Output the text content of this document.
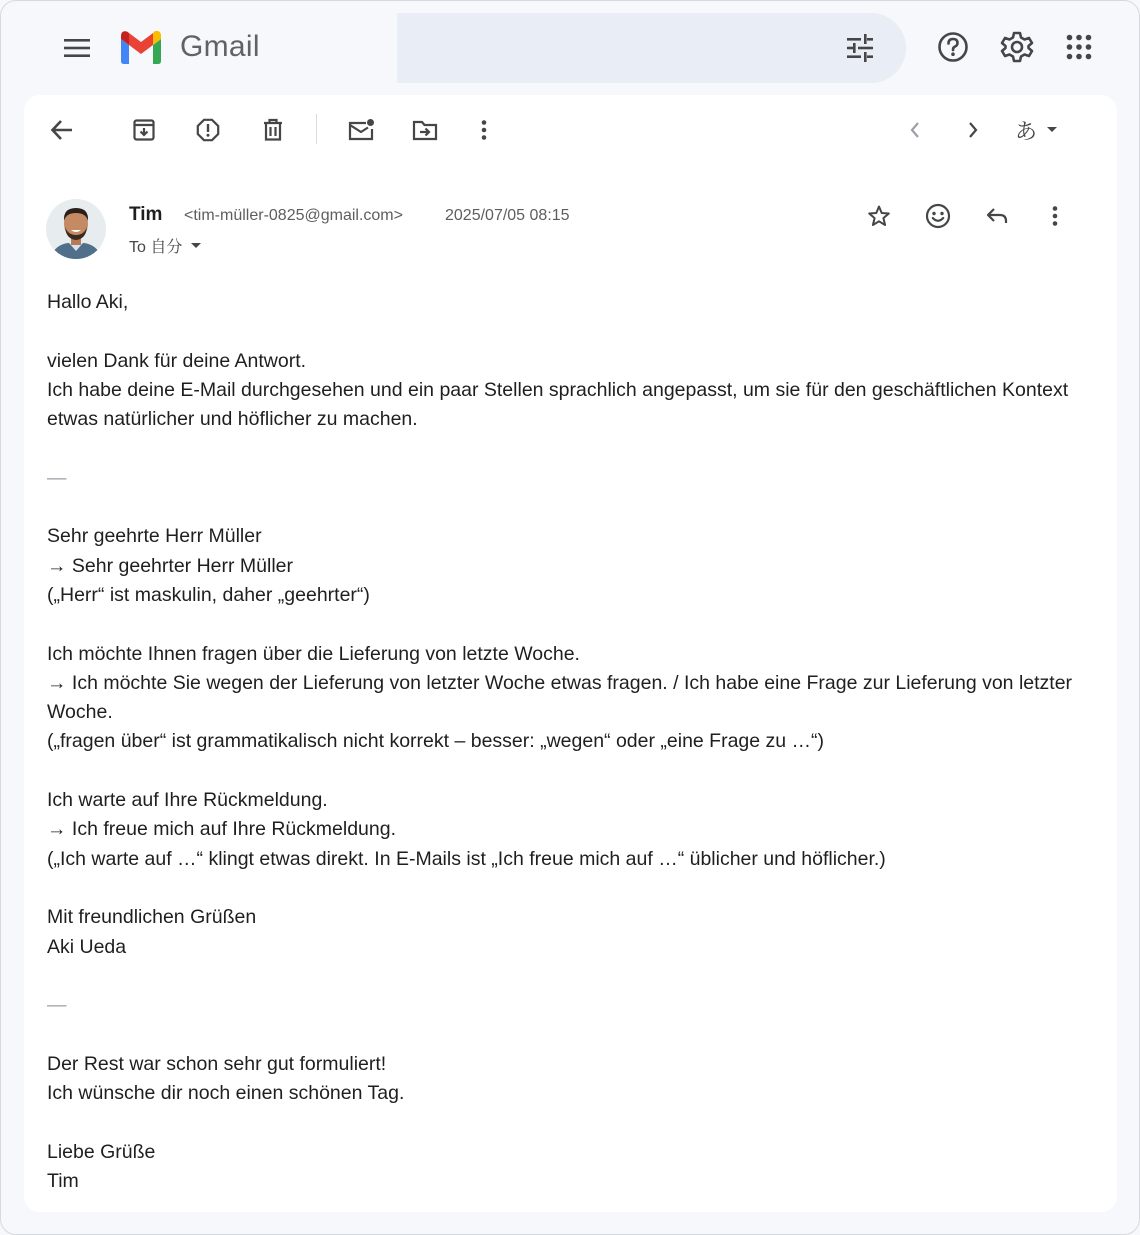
Gmail
あ
Tim <tim-müller-0825@gmail.com>	2025/07/05 08:15
To 自分

Hallo Aki,

vielen Dank für deine Antwort.
Ich habe deine E-Mail durchgesehen und ein paar Stellen sprachlich angepasst, um sie für den geschäftlichen Kontext etwas natürlicher und höflicher zu machen.

—

Sehr geehrte Herr Müller
→ Sehr geehrter Herr Müller
(„Herr“ ist maskulin, daher „geehrter“)

Ich möchte Ihnen fragen über die Lieferung von letzte Woche.
→ Ich möchte Sie wegen der Lieferung von letzter Woche etwas fragen. / Ich habe eine Frage zur Lieferung von letzter Woche.
(„fragen über“ ist grammatikalisch nicht korrekt – besser: „wegen“ oder „eine Frage zu …“)

Ich warte auf Ihre Rückmeldung.
→ Ich freue mich auf Ihre Rückmeldung.
(„Ich warte auf …“ klingt etwas direkt. In E-Mails ist „Ich freue mich auf …“ üblicher und höflicher.)

Mit freundlichen Grüßen
Aki Ueda

—

Der Rest war schon sehr gut formuliert!
Ich wünsche dir noch einen schönen Tag.

Liebe Grüße
Tim
